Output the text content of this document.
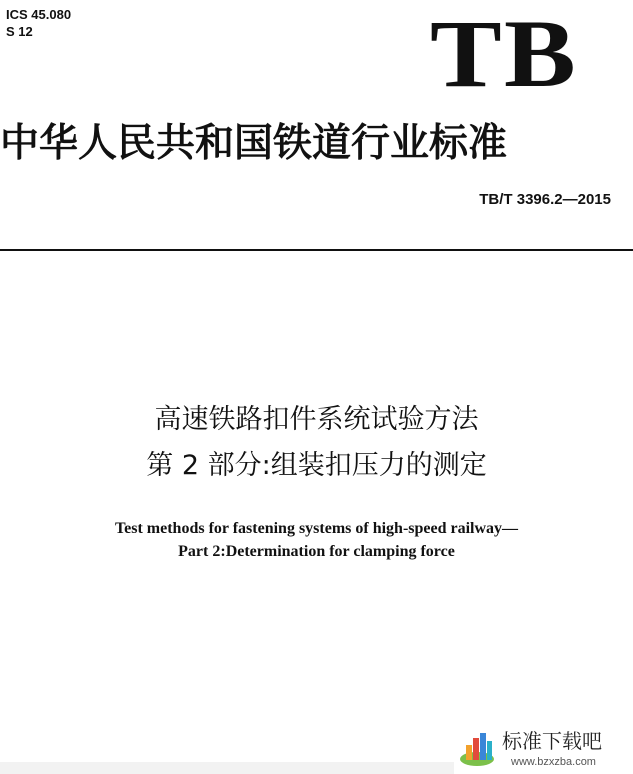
ICS 45.080
S 12	TB
中华人民共和国铁道行业标准
TB/T 3396.2—2015
高速铁路扣件系统试验方法
第 2 部分:组装扣压力的测定
Test methods for fastening systems of high-speed railway—
Part 2:Determination for clamping force
标准下载吧
www.bzxzba.com
